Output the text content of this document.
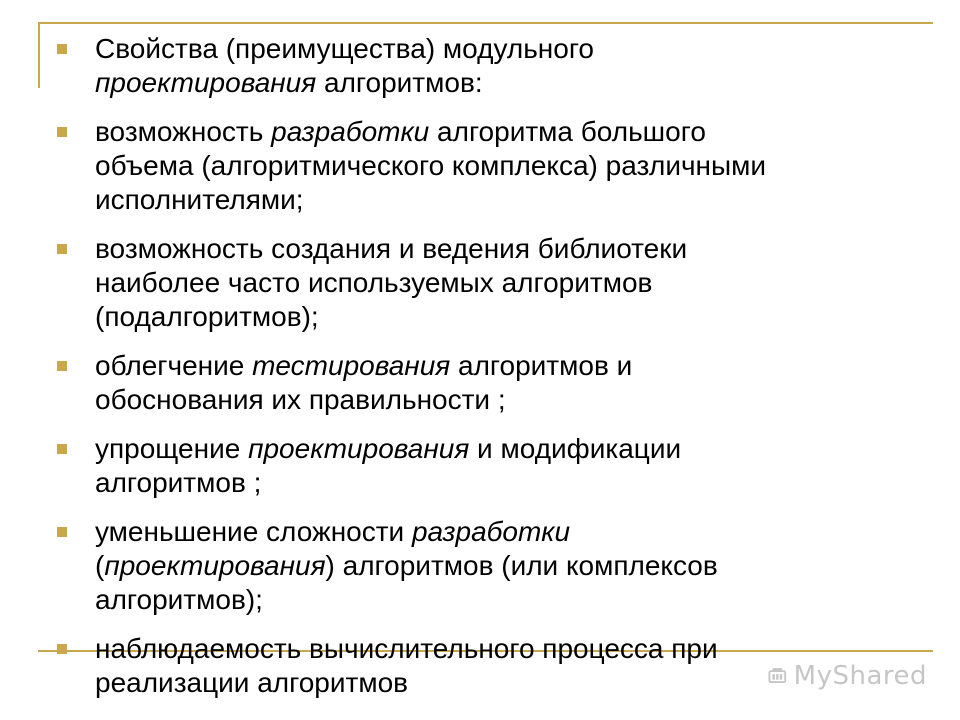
Свойства (преимущества) модульного
проектирования алгоритмов:
возможность разработки алгоритма большого
объема (алгоритмического комплекса) различными
исполнителями;
возможность создания и ведения библиотеки
наиболее часто используемых алгоритмов
(подалгоритмов);
облегчение тестирования алгоритмов и
обоснования их правильности ;
упрощение проектирования и модификации
алгоритмов ;
уменьшение сложности разработки
(проектирования) алгоритмов (или комплексов
алгоритмов);
наблюдаемость вычислительного процесса при
реализации алгоритмов	MyShared
